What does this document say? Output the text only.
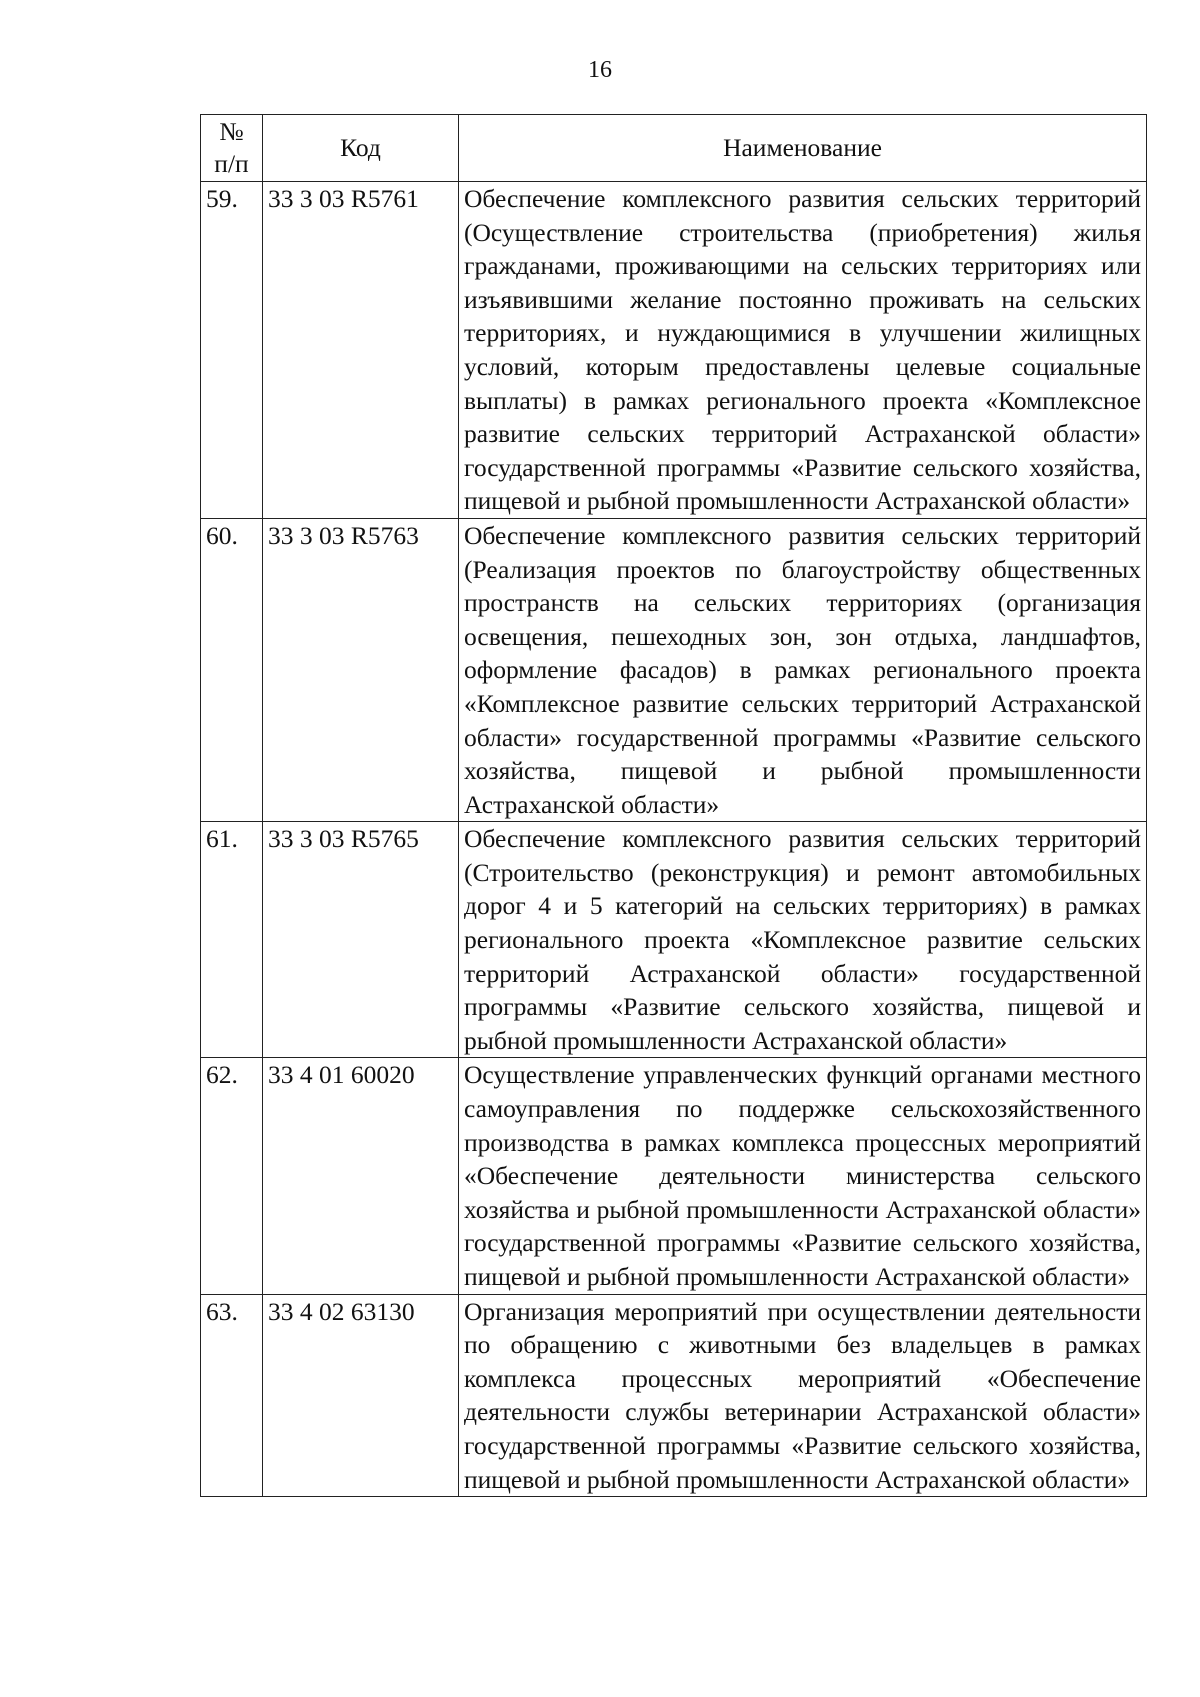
16
№
п/п	Код	Наименование
59.	33 3 03 R5761	Обеспечение комплексного развития сельских территорий (Осуществление строительства (приобретения) жилья гражданами, проживающими на сельских территориях или изъявившими желание постоянно проживать на сельских территориях, и нуждающимися в улучшении жилищных условий, которым предоставлены целевые социальные выплаты) в рамках регионального проекта «Комплексное развитие сельских территорий Астраханской области» государственной программы «Развитие сельского хозяйства, пищевой и рыбной промышленности Астраханской области»
60.	33 3 03 R5763	Обеспечение комплексного развития сельских территорий (Реализация проектов по благоустройству общественных пространств на сельских территориях (организация освещения, пешеходных зон, зон отдыха, ландшафтов, оформление фасадов) в рамках регионального проекта «Комплексное развитие сельских территорий Астраханской области» государственной программы «Развитие сельского хозяйства, пищевой и рыбной промышленности Астраханской области»
61.	33 3 03 R5765	Обеспечение комплексного развития сельских территорий (Строительство (реконструкция) и ремонт автомобильных дорог 4 и 5 категорий на сельских территориях) в рамках регионального проекта «Комплексное развитие сельских территорий Астраханской области» государственной программы «Развитие сельского хозяйства, пищевой и рыбной промышленности Астраханской области»
62.	33 4 01 60020	Осуществление управленческих функций органами местного самоуправления по поддержке сельскохозяйственного производства в рамках комплекса процессных мероприятий «Обеспечение деятельности министерства сельского хозяйства и рыбной промышленности Астраханской области» государственной программы «Развитие сельского хозяйства, пищевой и рыбной промышленности Астраханской области»
63.	33 4 02 63130	Организация мероприятий при осуществлении деятельности по обращению с животными без владельцев в рамках комплекса процессных мероприятий «Обеспечение деятельности службы ветеринарии Астраханской области» государственной программы «Развитие сельского хозяйства, пищевой и рыбной промышленности Астраханской области»
